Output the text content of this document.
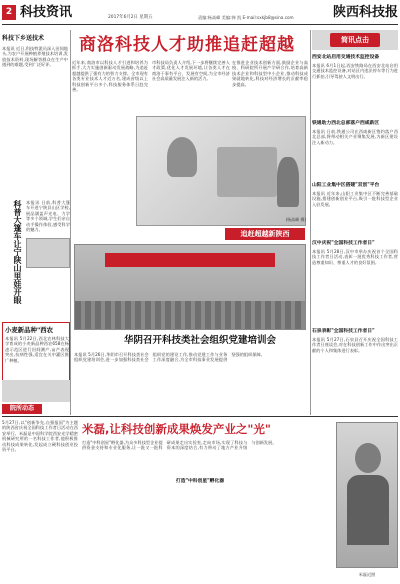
2 科技资讯	2017年6月2日 星期五	责编:杨高峰 美编:韩 凯 E-mail:sxkjb8@sina.com	陕西科技报
商洛科技人才助推追赶超越
近年来,商洛市以科技人才引进和培养为抓手,大力实施创新驱动发展战略,为追赶超越提供了强有力的智力支撑。全市现有各类专业技术人才近万名,建成省级以上科技创新平台多个,科技服务体系日趋完善。
市科技局负责人介绍,下一步将继续完善人才政策,优化人才发展环境,让各类人才在商洛干事有平台、发展有空间,为全市经济社会高质量发展注入新的活力。
在推进企业技术创新方面,鼓励企业与高校、科研院所开展产学研合作,培育高新技术企业和科技型中小企业,推动科技成果就地转化,科技对经济增长的贡献率稳步提高。
追赶超越新陕西
(杨高峰 摄)
科技下乡送技术
本报讯 近日,科技特派员深入田间地头,为农户开展种植养殖技术培训,发放技术资料,现场解答群众在生产中遇到的难题,受到广泛好评。
科普大篷车让宁陕山里娃开眼 本报讯 日前,科普大篷车开进宁陕县山区学校,展品涵盖声光电、力学等多个领域,学生们亲自动手操作体验,感受科学的魅力。
小麦新品种"西农
本报讯 5月22日,西北农林科技大学育成的小麦新品种西农658在杨凌示范区进行田间测产,亩产表现突出,抗病性强,适宜在关中灌区推广种植。
院所动态
华阴召开科技类社会组织党建培训会
本报讯 5月26日,华阴市召开科技类社会组织党建培训会,进一步加强科技类社会组织党的建设工作,推动党建工作与业务工作深度融合,为全市科技事业发展提供坚强的组织保障。
简讯点击
西安北站启用交通技术监控设备
本报讯 6月1日起,西安铁路局在西安北站启用交通技术监控设备,对站区内违法停车等行为进行抓拍,引导驾驶人文明出行。
铁通助力西北总部落户西咸新区
本报讯 日前,铁通公司在西咸新区签约落户西北总部,将带动相关产业聚集发展,为新区建设注入新动力。
山阳工业集中区搭建"双创"平台
本报讯 近年来,山阳工业集中区不断完善基础设施,搭建创新创业平台,吸引一批科技型企业入驻发展。
汉中庆祝"全国科技工作者日"
本报讯 5月28日,汉中市举办庆祝首个全国科技工作者日活动,表彰一批优秀科技工作者,营造尊重知识、尊重人才的良好氛围。
石泉表彰"全国科技工作者日"
本报讯 5月27日,石泉县召开庆祝全国科技工作者日座谈会,对在科技创新工作中作出突出贡献的个人和集体进行表彰。
5月27日,以"创新争先,自强报国"为主题的陕西省庆祝全国科技工作者日活动在西安举行。米磊是中国科学院西安光学精密机械研究所的一名科技工作者,他积极推动科技成果转化,发起成立硬科技创业投资平台。
米磊,让科技创新成果焕发产业之"光"
打造"中科创星"孵化器
打造"中科创星"孵化器,为众多科技型企业提供资金支持和专业化服务,让一批又一批科研成果走出实验室,走向市场,实现了科技与资本的深度结合,有力带动了地方产业升级与创新发展。
米磊近照
